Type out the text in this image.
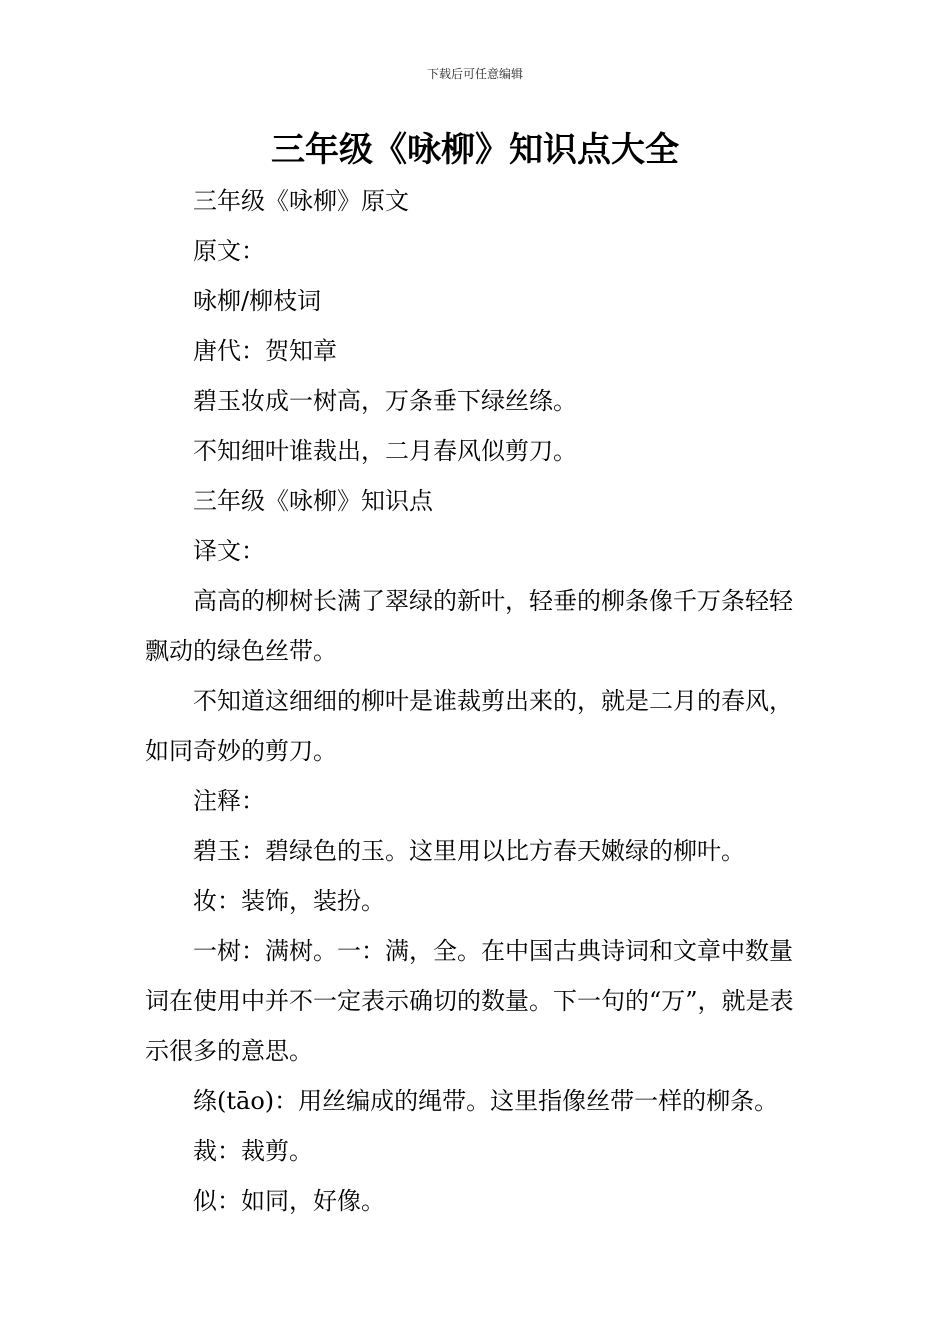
下载后可任意编辑
三年级《咏柳》知识点大全

三年级《咏柳》原文

原文：

咏柳/柳枝词

唐代：贺知章

碧玉妆成一树高，万条垂下绿丝绦。

不知细叶谁裁出，二月春风似剪刀。

三年级《咏柳》知识点

译文：

高高的柳树长满了翠绿的新叶，轻垂的柳条像千万条轻轻飘动的绿色丝带。

不知道这细细的柳叶是谁裁剪出来的，就是二月的春风，如同奇妙的剪刀。

注释：

碧玉：碧绿色的玉。这里用以比方春天嫩绿的柳叶。

妆：装饰，装扮。

一树：满树。一：满，全。在中国古典诗词和文章中数量词在使用中并不一定表示确切的数量。下一句的“万”，就是表示很多的意思。

绦(tāo)：用丝编成的绳带。这里指像丝带一样的柳条。

裁：裁剪。

似：如同，好像。
